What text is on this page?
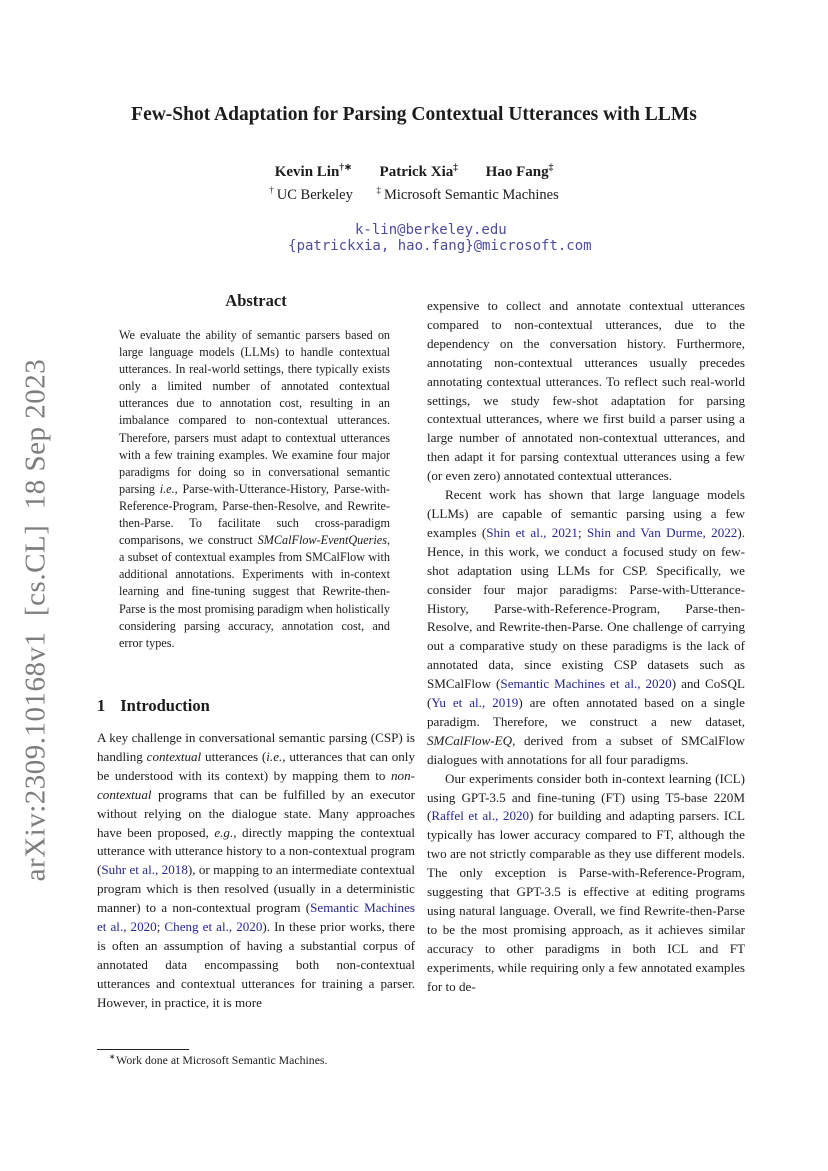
arXiv:2309.10168v1  [cs.CL]  18 Sep 2023
Few-Shot Adaptation for Parsing Contextual Utterances with LLMs
Kevin Lin†∗ Patrick Xia‡ Hao Fang‡
† UC Berkeley	‡ Microsoft Semantic Machines

k-lin@berkeley.edu
{patrickxia, hao.fang}@microsoft.com

Abstract
We evaluate the ability of semantic parsers based on large language models (LLMs) to handle contextual utterances. In real-world settings, there typically exists only a limited number of annotated contextual utterances due to annotation cost, resulting in an imbalance compared to non-contextual utterances. Therefore, parsers must adapt to contextual utterances with a few training examples. We examine four major paradigms for doing so in conversational semantic parsing i.e., Parse-with-Utterance-History, Parse-with-Reference-Program, Parse-then-Resolve, and Rewrite-then-Parse. To facilitate such cross-paradigm comparisons, we construct SMCalFlow-EventQueries, a subset of contextual examples from SMCalFlow with additional annotations. Experiments with in-context learning and fine-tuning suggest that Rewrite-then-Parse is the most promising paradigm when holistically considering parsing accuracy, annotation cost, and error types.
1 Introduction
A key challenge in conversational semantic parsing (CSP) is handling contextual utterances (i.e., utterances that can only be understood with its context) by mapping them to non-contextual programs that can be fulfilled by an executor without relying on the dialogue state. Many approaches have been proposed, e.g., directly mapping the contextual utterance with utterance history to a non-contextual program (Suhr et al., 2018), or mapping to an intermediate contextual program which is then resolved (usually in a deterministic manner) to a non-contextual program (Semantic Machines et al., 2020; Cheng et al., 2020). In these prior works, there is often an assumption of having a substantial corpus of annotated data encompassing both non-contextual utterances and contextual utterances for training a parser. However, in practice, it is more
∗Work done at Microsoft Semantic Machines.

expensive to collect and annotate contextual utterances compared to non-contextual utterances, due to the dependency on the conversation history. Furthermore, annotating non-contextual utterances usually precedes annotating contextual utterances. To reflect such real-world settings, we study few-shot adaptation for parsing contextual utterances, where we first build a parser using a large number of annotated non-contextual utterances, and then adapt it for parsing contextual utterances using a few (or even zero) annotated contextual utterances.

Recent work has shown that large language models (LLMs) are capable of semantic parsing using a few examples (Shin et al., 2021; Shin and Van Durme, 2022). Hence, in this work, we conduct a focused study on few-shot adaptation using LLMs for CSP. Specifically, we consider four major paradigms: Parse-with-Utterance-History, Parse-with-Reference-Program, Parse-then-Resolve, and Rewrite-then-Parse. One challenge of carrying out a comparative study on these paradigms is the lack of annotated data, since existing CSP datasets such as SMCalFlow (Semantic Machines et al., 2020) and CoSQL (Yu et al., 2019) are often annotated based on a single paradigm. Therefore, we construct a new dataset, SMCalFlow-EQ, derived from a subset of SMCalFlow dialogues with annotations for all four paradigms.

Our experiments consider both in-context learning (ICL) using GPT-3.5 and fine-tuning (FT) using T5-base 220M (Raffel et al., 2020) for building and adapting parsers. ICL typically has lower accuracy compared to FT, although the two are not strictly comparable as they use different models. The only exception is Parse-with-Reference-Program, suggesting that GPT-3.5 is effective at editing programs using natural language. Overall, we find Rewrite-then-Parse to be the most promising approach, as it achieves similar accuracy to other paradigms in both ICL and FT experiments, while requiring only a few annotated examples for to de-
